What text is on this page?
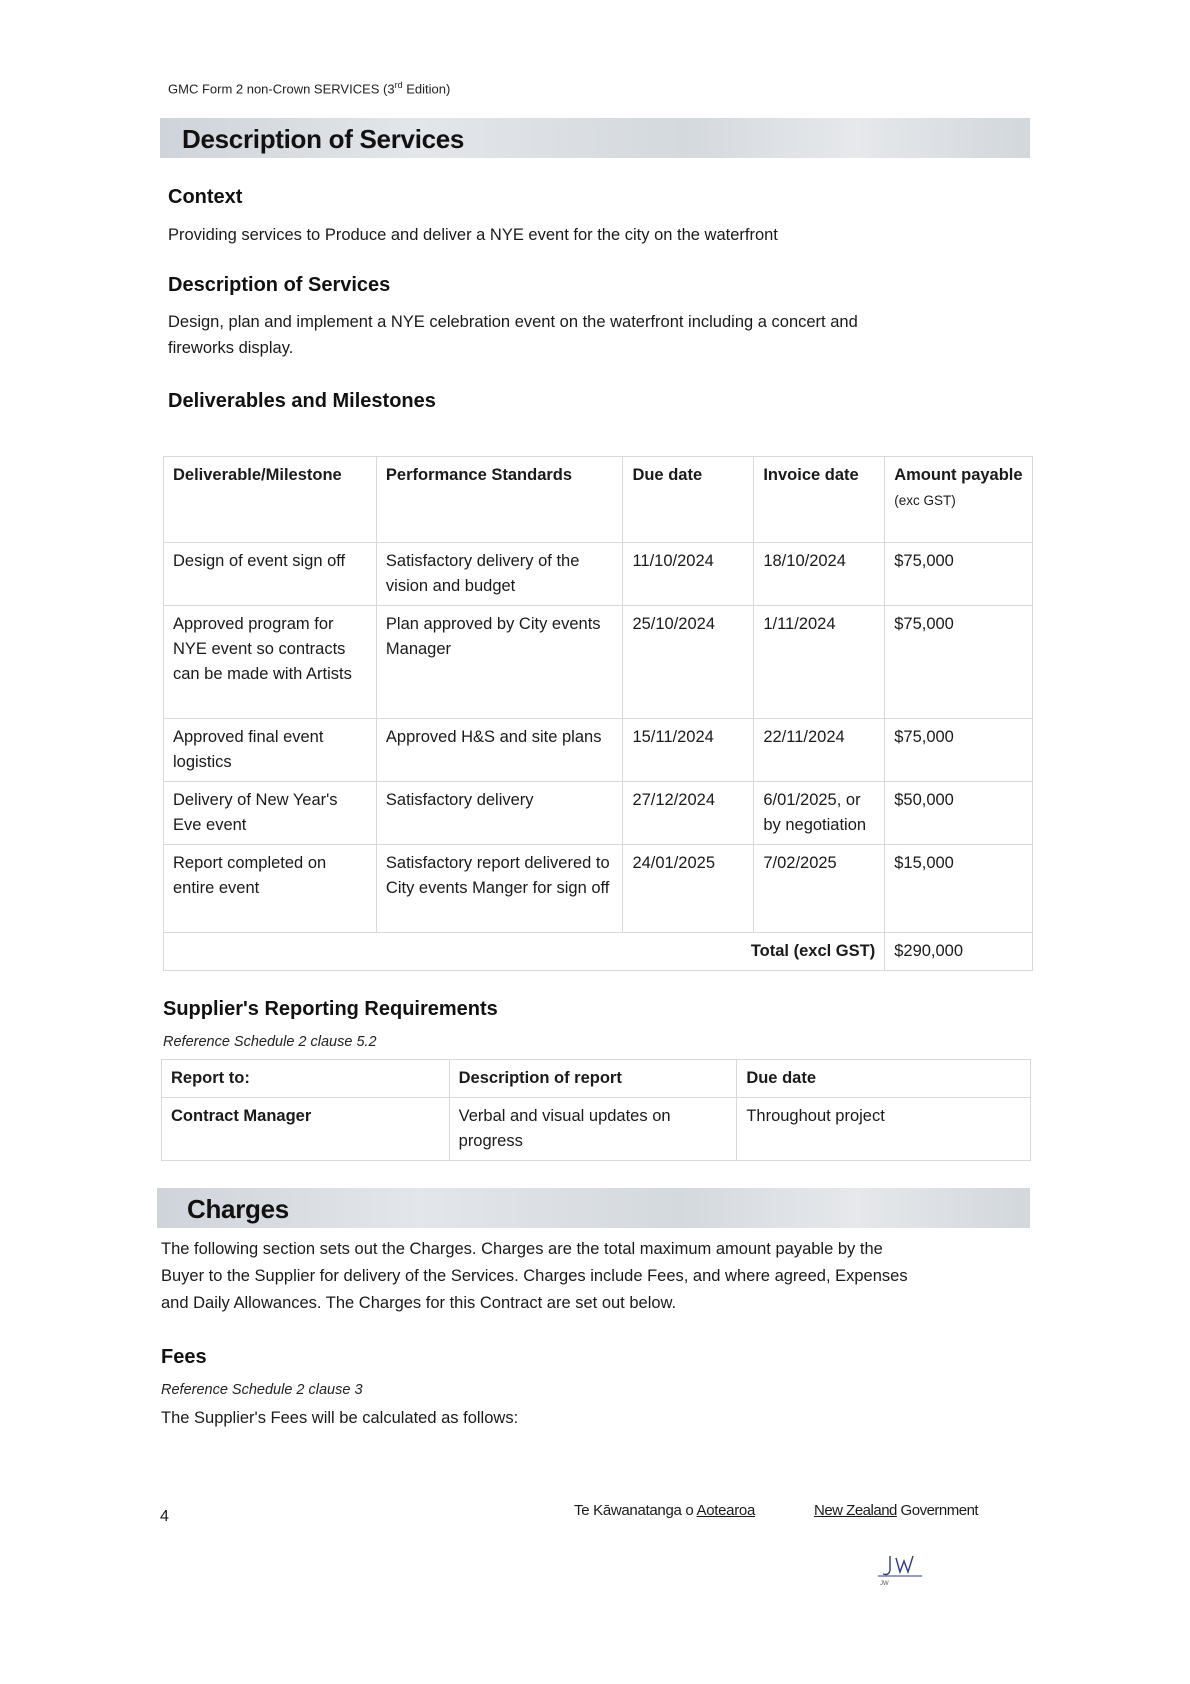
GMC Form 2 non-Crown SERVICES (3rd Edition)
Description of Services
Context
Providing services to Produce and deliver a NYE event for the city on the waterfront
Description of Services
Design, plan and implement a NYE celebration event on the waterfront including a concert and
fireworks display.
Deliverables and Milestones
Deliverable/Milestone	Performance Standards	Due date	Invoice date	Amount payable (exc GST)
Design of event sign off	Satisfactory delivery of the vision and budget	11/10/2024	18/10/2024	$75,000
Approved program for NYE event so contracts can be made with Artists	Plan approved by City events Manager	25/10/2024	1/11/2024	$75,000
Approved final event logistics	Approved H&S and site plans	15/11/2024	22/11/2024	$75,000
Delivery of New Year's Eve event	Satisfactory delivery	27/12/2024	6/01/2025, or by negotiation	$50,000
Report completed on entire event	Satisfactory report delivered to City events Manger for sign off	24/01/2025	7/02/2025	$15,000
Total (excl GST)				$290,000
Supplier's Reporting Requirements
Reference Schedule 2 clause 5.2
Report to:	Description of report	Due date
Contract Manager	Verbal and visual updates on progress	Throughout project
Charges
The following section sets out the Charges. Charges are the total maximum amount payable by the
Buyer to the Supplier for delivery of the Services. Charges include Fees, and where agreed, Expenses
and Daily Allowances. The Charges for this Contract are set out below.
Fees
Reference Schedule 2 clause 3
The Supplier's Fees will be calculated as follows:
4	Te Kāwanatanga o Aotearoa	New Zealand Government
JW
